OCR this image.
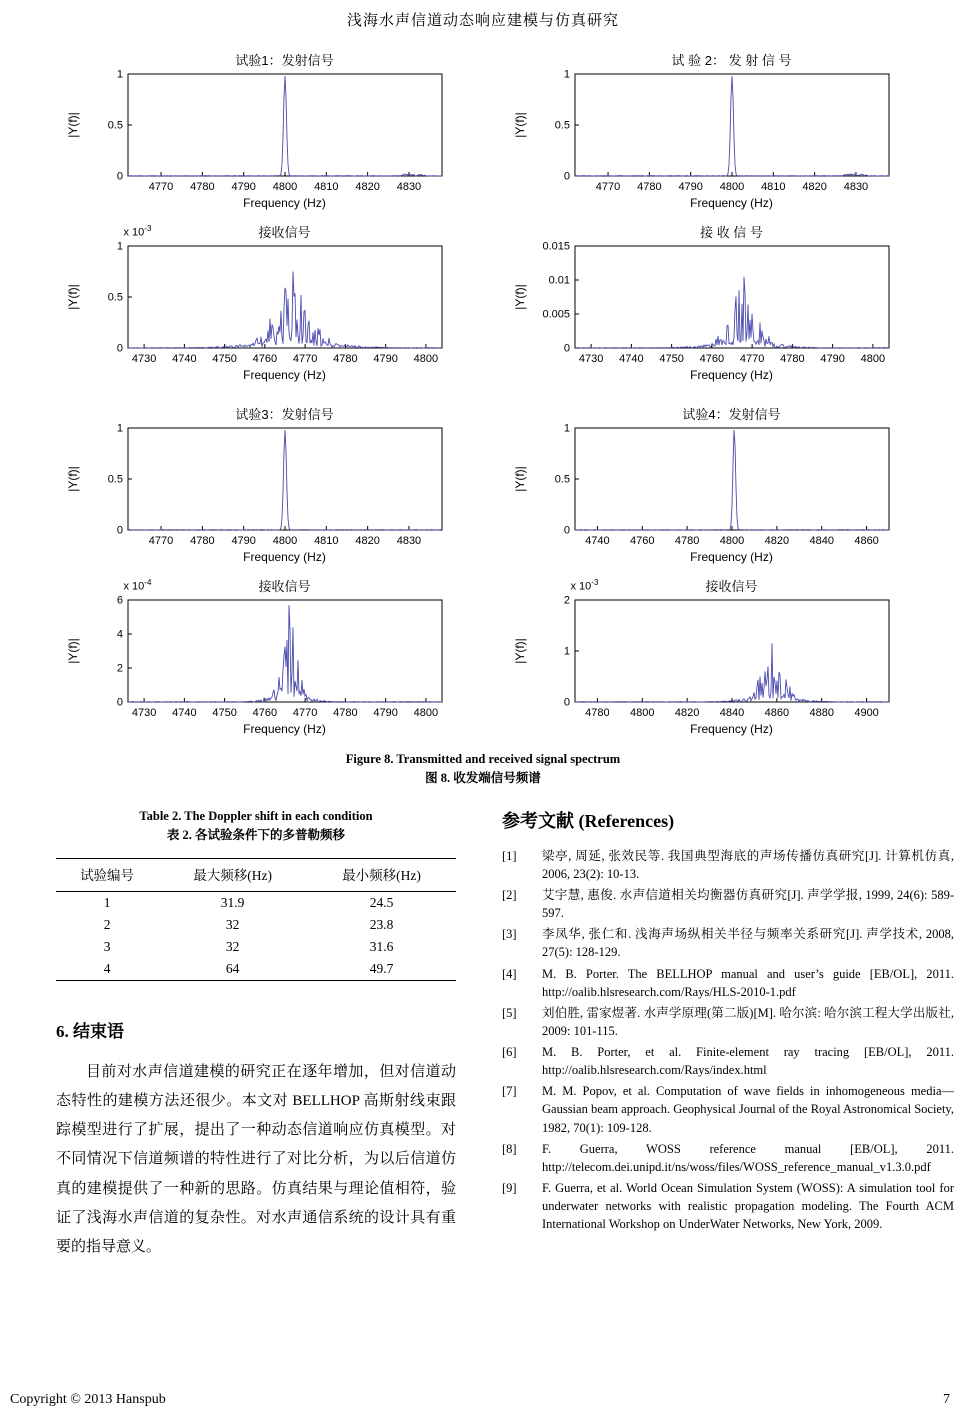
浅海水声信道动态响应建模与仿真研究
试验1：发射信号
|Y(f)|
4770 4780 4790 4800 4810 4820 4830
0
0.5
1
Frequency (Hz)
x $10^{-3}$	接收信号
|Y(f)|
4730 4740 4750 4760 4770 4780 4790 4800
0
0.5
1
Frequency (Hz)
试 验 2： 发 射 信 号
|Y(f)|
4770 4780 4790 4800 4810 4820 4830
0
0.5
1
Frequency (Hz)
接 收 信 号
|Y(f)|
4730 4740 4750 4760 4770 4780 4790 4800
0
0.005
0.01
0.015
Frequency (Hz)
试验3：发射信号
|Y(f)|
4770 4780 4790 4800 4810 4820 4830
0
0.5
1
Frequency (Hz)
x $10^{-4}$	接收信号
|Y(f)|
4730 4740 4750 4760 4770 4780 4790 4800
0
2
4
6
Frequency (Hz)
试验4：发射信号
|Y(f)|
4740 4760 4780 4800 4820 4840 4860
0
0.5
1
Frequency (Hz)
x $10^{-3}$	接收信号
|Y(f)|
4780 4800 4820 4840 4860 4880 4900
0
1
2
Frequency (Hz)
Figure 8. Transmitted and received signal spectrum
图 8. 收发端信号频谱
Table 2. The Doppler shift in each condition
表 2. 各试验条件下的多普勒频移
试验编号	最大频移(Hz)	最小频移(Hz)
1	31.9	24.5
2	32	23.8
3	32	31.6
4	64	49.7
6. 结束语
目前对水声信道建模的研究正在逐年增加，但对信道动态特性的建模方法还很少。本文对 BELLHOP 高斯射线束跟踪模型进行了扩展，提出了一种动态信道响应仿真模型。对不同情况下信道频谱的特性进行了对比分析，为以后信道仿真的建模提供了一种新的思路。仿真结果与理论值相符，验证了浅海水声信道的复杂性。对水声通信系统的设计具有重要的指导意义。
参考文献 (References)
[1]	梁亭, 周延, 张效民等. 我国典型海底的声场传播仿真研究[J]. 计算机仿真, 2006, 23(2): 10-13.
[2]	艾宇慧, 惠俊. 水声信道相关均衡器仿真研究[J]. 声学学报, 1999, 24(6): 589-597.
[3]	李凤华, 张仁和. 浅海声场纵相关半径与频率关系研究[J]. 声学技术, 2008, 27(5): 128-129.
[4]	M. B. Porter. The BELLHOP manual and user’s guide [EB/OL], 2011. http://oalib.hlsresearch.com/Rays/HLS-2010-1.pdf
[5]	刘伯胜, 雷家煜著. 水声学原理(第二版)[M]. 哈尔滨: 哈尔滨工程大学出版社, 2009: 101-115.
[6]	M. B. Porter, et al. Finite-element ray tracing [EB/OL], 2011. http://oalib.hlsresearch.com/Rays/index.html
[7]	M. M. Popov, et al. Computation of wave fields in inhomogeneous media—Gaussian beam approach. Geophysical Journal of the Royal Astronomical Society, 1982, 70(1): 109-128.
[8]	F. Guerra, WOSS reference manual [EB/OL], 2011. http://telecom.dei.unipd.it/ns/woss/files/WOSS_reference_manual_v1.3.0.pdf
[9]	F. Guerra, et al. World Ocean Simulation System (WOSS): A simulation tool for underwater networks with realistic propagation modeling. The Fourth ACM International Workshop on UnderWater Networks, New York, 2009.
Copyright © 2013 Hanspub	7
